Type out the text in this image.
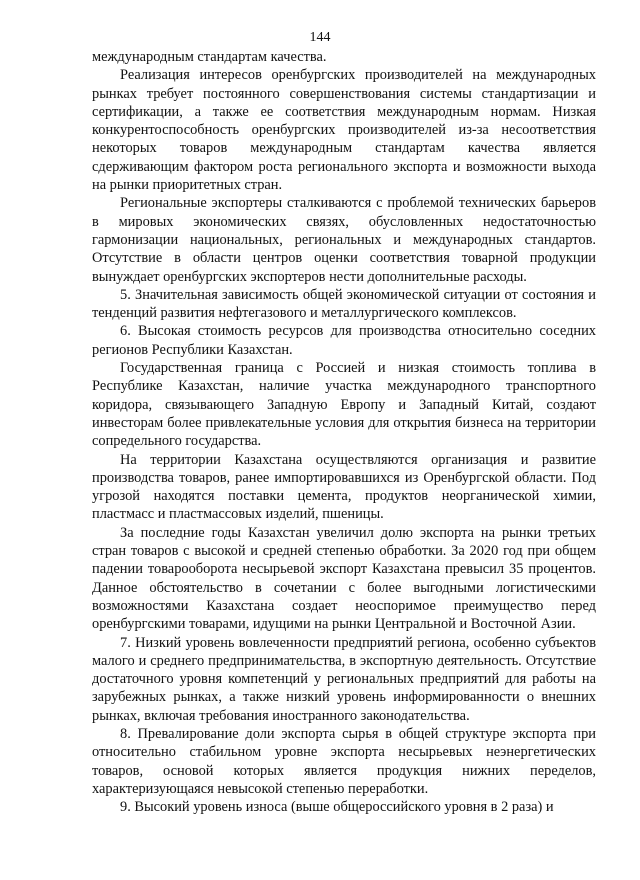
144

международным стандартам качества.

Реализация интересов оренбургских производителей на международных рынках требует постоянного совершенствования системы стандартизации и сертификации, а также ее соответствия международным нормам. Низкая конкурентоспособность оренбургских производителей из-за несоответствия некоторых товаров международным стандартам качества является сдерживающим фактором роста регионального экспорта и возможности выхода на рынки приоритетных стран.

Региональные экспортеры сталкиваются с проблемой технических барьеров в мировых экономических связях, обусловленных недостаточностью гармонизации национальных, региональных и международных стандартов. Отсутствие в области центров оценки соответствия товарной продукции вынуждает оренбургских экспортеров нести дополнительные расходы.

5. Значительная зависимость общей экономической ситуации от состояния и тенденций развития нефтегазового и металлургического комплексов.

6. Высокая стоимость ресурсов для производства относительно соседних регионов Республики Казахстан.

Государственная граница с Россией и низкая стоимость топлива в Республике Казахстан, наличие участка международного транспортного коридора, связывающего Западную Европу и Западный Китай, создают инвесторам более привлекательные условия для открытия бизнеса на территории сопредельного государства.

На территории Казахстана осуществляются организация и развитие производства товаров, ранее импортировавшихся из Оренбургской области. Под угрозой находятся поставки цемента, продуктов неорганической химии, пластмасс и пластмассовых изделий, пшеницы.

За последние годы Казахстан увеличил долю экспорта на рынки третьих стран товаров с высокой и средней степенью обработки. За 2020 год при общем падении товарооборота несырьевой экспорт Казахстана превысил 35 процентов. Данное обстоятельство в сочетании с более выгодными логистическими возможностями Казахстана создает неоспоримое преимущество перед оренбургскими товарами, идущими на рынки Центральной и Восточной Азии.

7. Низкий уровень вовлеченности предприятий региона, особенно субъектов малого и среднего предпринимательства, в экспортную деятельность. Отсутствие достаточного уровня компетенций у региональных предприятий для работы на зарубежных рынках, а также низкий уровень информированности о внешних рынках, включая требования иностранного законодательства.

8. Превалирование доли экспорта сырья в общей структуре экспорта при относительно стабильном уровне экспорта несырьевых неэнергетических товаров, основой которых является продукция нижних переделов, характеризующаяся невысокой степенью переработки.

9. Высокий уровень износа (выше общероссийского уровня в 2 раза) и
